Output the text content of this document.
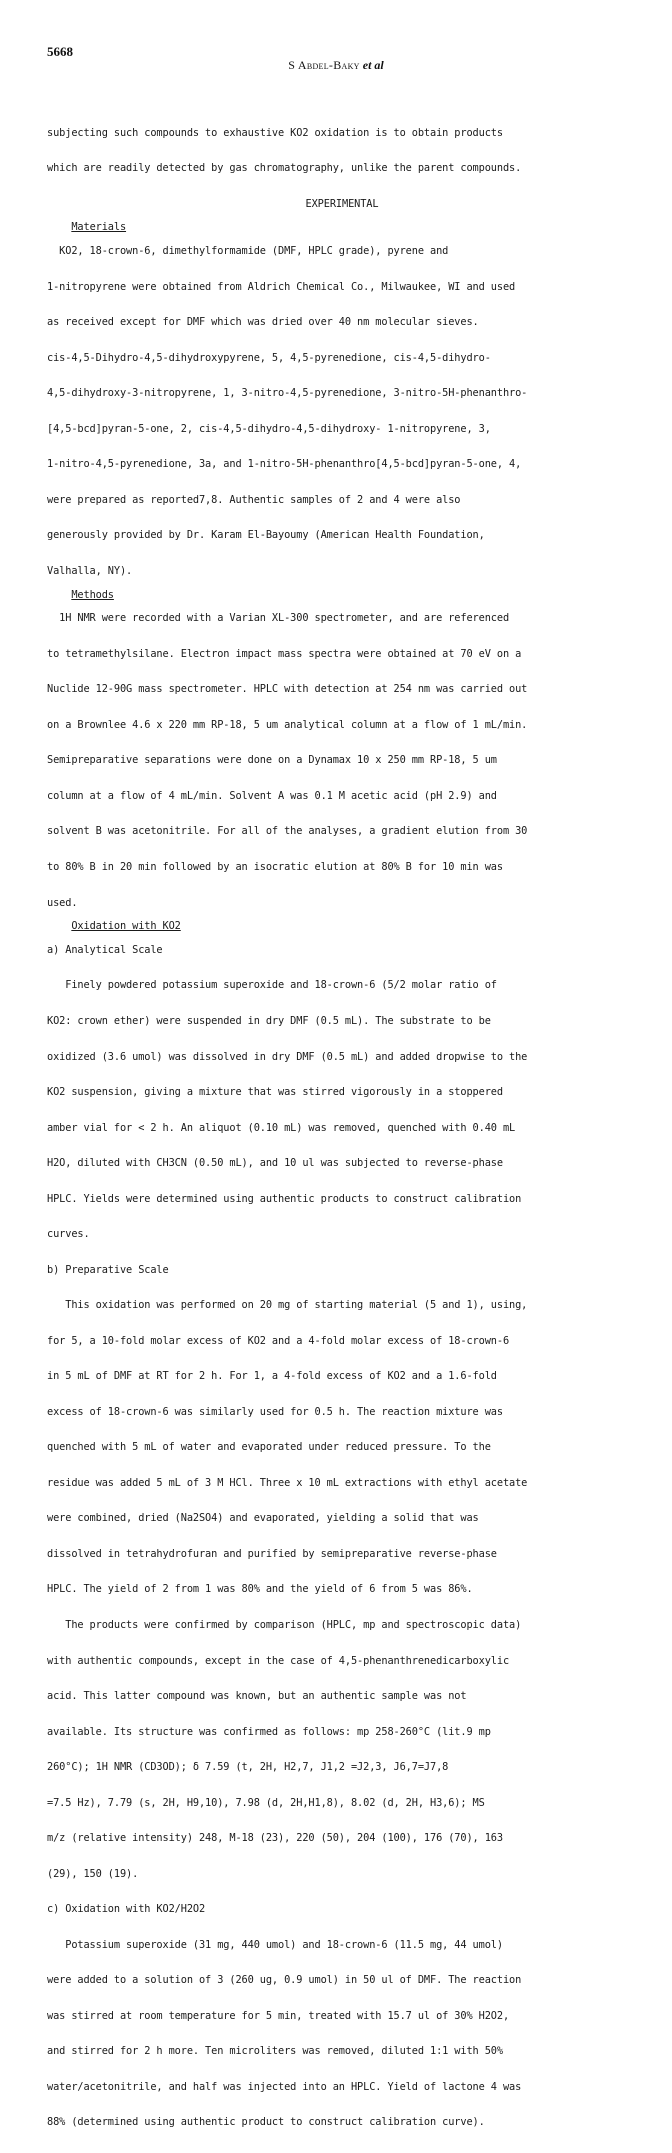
5668
S Abdel-Baky et al

subjecting such compounds to exhaustive KO2 oxidation is to obtain products

which are readily detected by gas chromatography, unlike the parent compounds.

EXPERIMENTAL

Materials

KO2, 18-crown-6, dimethylformamide (DMF, HPLC grade), pyrene and

1-nitropyrene were obtained from Aldrich Chemical Co., Milwaukee, WI and used

as received except for DMF which was dried over 40 nm molecular sieves.

cis-4,5-Dihydro-4,5-dihydroxypyrene, 5, 4,5-pyrenedione, cis-4,5-dihydro-

4,5-dihydroxy-3-nitropyrene, 1, 3-nitro-4,5-pyrenedione, 3-nitro-5H-phenanthro-

[4,5-bcd]pyran-5-one, 2, cis-4,5-dihydro-4,5-dihydroxy- 1-nitropyrene, 3,

1-nitro-4,5-pyrenedione, 3a, and 1-nitro-5H-phenanthro[4,5-bcd]pyran-5-one, 4,

were prepared as reported7,8. Authentic samples of 2 and 4 were also

generously provided by Dr. Karam El-Bayoumy (American Health Foundation,

Valhalla, NY).

Methods

1H NMR were recorded with a Varian XL-300 spectrometer, and are referenced

to tetramethylsilane. Electron impact mass spectra were obtained at 70 eV on a

Nuclide 12-90G mass spectrometer. HPLC with detection at 254 nm was carried out

on a Brownlee 4.6 x 220 mm RP-18, 5 um analytical column at a flow of 1 mL/min.

Semipreparative separations were done on a Dynamax 10 x 250 mm RP-18, 5 um

column at a flow of 4 mL/min. Solvent A was 0.1 M acetic acid (pH 2.9) and

solvent B was acetonitrile. For all of the analyses, a gradient elution from 30

to 80% B in 20 min followed by an isocratic elution at 80% B for 10 min was

used.

Oxidation with KO2

a) Analytical Scale

Finely powdered potassium superoxide and 18-crown-6 (5/2 molar ratio of

KO2: crown ether) were suspended in dry DMF (0.5 mL). The substrate to be

oxidized (3.6 umol) was dissolved in dry DMF (0.5 mL) and added dropwise to the

KO2 suspension, giving a mixture that was stirred vigorously in a stoppered

amber vial for < 2 h. An aliquot (0.10 mL) was removed, quenched with 0.40 mL

H2O, diluted with CH3CN (0.50 mL), and 10 ul was subjected to reverse-phase

HPLC. Yields were determined using authentic products to construct calibration

curves.

b) Preparative Scale

This oxidation was performed on 20 mg of starting material (5 and 1), using,

for 5, a 10-fold molar excess of KO2 and a 4-fold molar excess of 18-crown-6

in 5 mL of DMF at RT for 2 h. For 1, a 4-fold excess of KO2 and a 1.6-fold

excess of 18-crown-6 was similarly used for 0.5 h. The reaction mixture was

quenched with 5 mL of water and evaporated under reduced pressure. To the

residue was added 5 mL of 3 M HCl. Three x 10 mL extractions with ethyl acetate

were combined, dried (Na2SO4) and evaporated, yielding a solid that was

dissolved in tetrahydrofuran and purified by semipreparative reverse-phase

HPLC. The yield of 2 from 1 was 80% and the yield of 6 from 5 was 86%.

The products were confirmed by comparison (HPLC, mp and spectroscopic data)

with authentic compounds, except in the case of 4,5-phenanthrenedicarboxylic

acid. This latter compound was known, but an authentic sample was not

available. Its structure was confirmed as follows: mp 258-260°C (lit.9 mp

260°C); 1H NMR (CD3OD); δ 7.59 (t, 2H, H2,7, J1,2 =J2,3, J6,7=J7,8

=7.5 Hz), 7.79 (s, 2H, H9,10), 7.98 (d, 2H,H1,8), 8.02 (d, 2H, H3,6); MS

m/z (relative intensity) 248, M-18 (23), 220 (50), 204 (100), 176 (70), 163

(29), 150 (19).

c) Oxidation with KO2/H2O2

Potassium superoxide (31 mg, 440 umol) and 18-crown-6 (11.5 mg, 44 umol)

were added to a solution of 3 (260 ug, 0.9 umol) in 50 ul of DMF. The reaction

was stirred at room temperature for 5 min, treated with 15.7 ul of 30% H2O2,

and stirred for 2 h more. Ten microliters was removed, diluted 1:1 with 50%

water/acetonitrile, and half was injected into an HPLC. Yield of lactone 4 was

88% (determined using authentic product to construct calibration curve).
